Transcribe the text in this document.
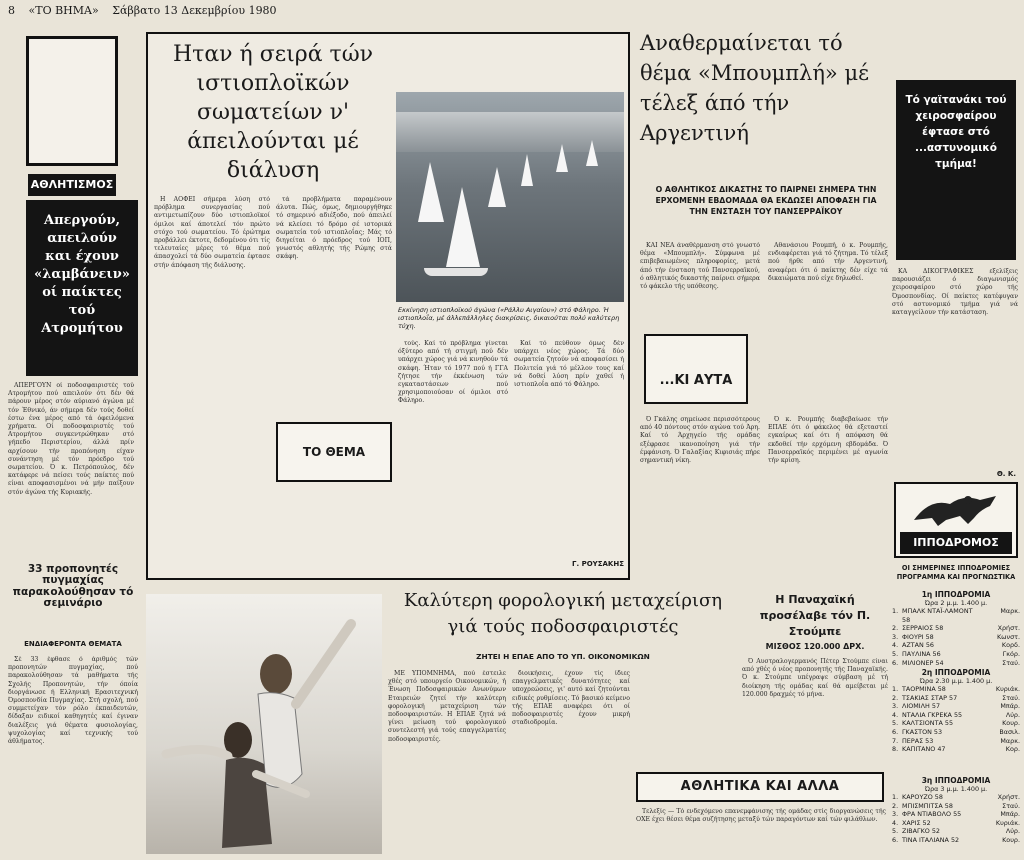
8 «ΤΟ ΒΗΜΑ» Σάββατο 13 Δεκεμβρίου 1980
ΑΘΛΗΤΙΣΜΟΣ
Απεργούν, απειλούν και έχουν «λαμβάνειν» οί παίκτες τού Ατρομήτου

ΑΠΕΡΓΟΥΝ οί ποδοσφαιριστές τού Ατρομήτου πού απειλούν ότι δέν θά πάρουν μέρος στόν αύριανό άγώνα μέ τόν Έθνικό, άν σήμερα δέν τούς δοθεί έστω ένα μέρος από τά όφειλόμενα χρήματα. Οί ποδοσφαιριστές τού Ατρομήτου συγκεντρώθηκαν στό γήπεδο Περιστερίου, άλλά πρίν αρχίσουν τήν προπόνηση είχαν συνάντηση μέ τόν πρόεδρο τού σωματείου. Ό κ. Πετρόπουλος, δέν κατάφερε νά πείσει τούς παίκτες πού είναι αποφασισμένοι νά μήν παίξουν στόν άγώνα τής Κυριακής.

33 προπονητές πυγμαχίας παρακολούθησαν τό σεμινάριο
ΕΝΔΙΑΦΕΡΟΝΤΑ ΘΕΜΑΤΑ

Σέ 33 έφθασε ό άριθμός τών προπονητών πυγμαχίας, πού παρακολούθησαν τά μαθήματα τής Σχολής Προπονητών, τήν όποία διοργάνωσε ή Ελληνική Ερασιτεχνική Όμοσπονδία Πυγμαχίας. Στή σχολή, πού συμμετείχαν τόν ρόλο έκπαιδευτών, δίδαξαν ειδικοί καθηγητές καί έγιναν διαλέξεις γιά θέματα φυσιολογίας, ψυχολογίας καί τεχνικής τού άθλήματος.

Ηταν ή σειρά τών ιστιοπλοϊκών σωματείων ν' άπειλούνται μέ διάλυση

Η ΑΟΦΕΙ σήμερα λύση στό πρόβλημα συνεργασίας πού αντιμετωπίζουν δύο ιστιοπλοϊκοί όμιλοι καί άποτελεί τόν πρώτο στόχο τού σωματείου. Τό έρώτημα προβάλλει έκτοτε, δεδομένου ότι τίς τελευταίες μέρες τό θέμα πού άπασχολεί τά δύο σωματεία έφτασε στήν άπόφαση τής διάλυσης.

τά προβλήματα παραμένουν άλυτα. Πώς, όμως, δημιουργήθηκε τό σημερινό αδιέξοδο, πού άπειλεί νά κλείσει τό δρόμο σέ ιστορικά σωματεία τού ιστιοπλοΐας; Μάς τό διηγείται ό πρόεδρος τού ΙΟΠ, γνωστός αθλητής τής Ρώμης στά σκάφη.

ΤΟ ΘΕΜΑ
Εκκίνηση ιστιοπλοϊκού άγώνα («Ράλλυ Αιγαίου») στό Φάληρο. Ή ιστιοπλοΐα, μέ άλλεπάλληλες διακρίσεις, δικαιούται πολύ καλύτερη τύχη.

τούς. Καί τό πρόβλημα γίνεται όξύτερο από τή στιγμή πού δέν υπάρχει χώρος γιά νά κινηθούν τά σκάφη. Ήταν τό 1977 πού ή ΓΓΑ ζήτησε τήν έκκένωση τών εγκαταστάσεων πού χρησιμοποιούσαν οί όμιλοι στό Φάληρο.

Καί τό πεύθουν όμως δέν υπάρχει νέος χώρος. Τά δύο σωματεία ζητούν νά αποφασίσει ή Πολιτεία γιά τό μέλλον τους καί νά δοθεί λύση πρίν χαθεί ή ιστιοπλοΐα από τό Φάληρο.

Γ. ΡΟΥΣΑΚΗΣ
Αναθερμαίνεται τό θέμα «Μπουμπλή» μέ τέλεξ άπό τήν Αργεντινή
Ο ΑΘΛΗΤΙΚΟΣ ΔΙΚΑΣΤΗΣ ΤΟ ΠΑΙΡΝΕΙ ΣΗΜΕΡΑ ΤΗΝ ΕΡΧΟΜΕΝΗ ΕΒΔΟΜΑΔΑ ΘΑ ΕΚΔΩΣΕΙ ΑΠΟΦΑΣΗ ΓΙΑ ΤΗΝ ΕΝΣΤΑΣΗ ΤΟΥ ΠΑΝΣΕΡΡΑΪΚΟΥ

ΚΑΙ ΝΕΑ άναθέρμανση στό γνωστό θέμα «Μπουμπλή». Σύμφωνα μέ επιβεβαιωμένες πληροφορίες, μετά άπό τήν ένσταση τού Πανσερραϊκού, ό αθλητικός δικαστής παίρνει σήμερα τό φάκελο τής υπόθεσης.

Αθανάσιου Ρουμπή, ό κ. Ρουμπής, ενδιαφέρεται γιά τό ζήτημα. Τό τέλεξ πού ήρθε από τήν Αργεντινή, αναφέρει ότι ό παίκτης δέν είχε τά δικαιώματα πού είχε δηλωθεί.

...ΚΙ ΑΥΤΑ

Ό Γκάλης σημείωσε περισσότερους από 40 πόντους στόν αγώνα τού Άρη. Καί τό Άρχηγείο τής ομάδας εξέφρασε ικανοποίηση γιά τήν έμφάνιση. Ό Γαλαξίας Κιφισιάς πήρε σημαντική νίκη.

Ό κ. Ρουμπής διαβεβαίωσε τήν ΕΠΑΕ ότι ό φάκελος θά εξεταστεί εγκαίρως καί ότι ή απόφαση θά εκδοθεί τήν ερχόμενη εβδομάδα. Ό Πανσερραϊκός περιμένει μέ αγωνία τήν κρίση.

Τό γαϊτανάκι τού χειροσφαίρου έφτασε στό ...αστυνομικό τμήμα!

ΚΑ ΔΙΚΟΓΡΑΦΙΚΕΣ εξελίξεις παρουσιάζει ό διαγωνισμός χειροσφαίρου στό χώρο τής Όμοσπονδίας. Οί παίκτες κατέφυγαν στό αστυνομικό τμήμα γιά νά καταγγείλουν τήν κατάσταση.

Θ. Κ.
ΙΠΠΟΔΡΟΜΟΣ
ΟΙ ΣΗΜΕΡΙΝΕΣ ΙΠΠΟΔΡΟΜΙΕΣ ΠΡΟΓΡΑΜΜΑ ΚΑΙ ΠΡΟΓΝΩΣΤΙΚΑ
1η ΙΠΠΟΔΡΟΜΙΑ
Ώρα 2 μ.μ. 1.400 μ.
1. ΜΠΑΛΚ ΝΤΑΪ-ΛΑΜΟΝΤ 58
Μαρκ.
2. ΣΕΡΡΑΙΟΣ 58	Χρήστ.
3. ΦΙΟΥΡΙ 58	Κωνστ.
4. ΑΖΤΑΝ 56	Κορδ.
5. ΠΑΥΛΙΝΑ 56	Γκόρ.
6. ΜΙΛΙΟΝΕΡ 54	Σταύ.
2η ΙΠΠΟΔΡΟΜΙΑ
Ώρα 2.30 μ.μ. 1.400 μ.
1. ΤΑΟΡΜΙΝΑ 58	Κυριάκ.
2. ΤΣΑΚΙΑΣ ΣΤΑΡ 57	Σταύ.
3. ΛΙΟΜΙΛΗ 57	Μπάρ.
4. ΝΤΑΛΙΑ ΓΚΡΕΚΑ 55	Λύρ.
5. ΚΑΛΤΣΙΟΝΤΑ 55	Κουρ.
6. ΓΚΑΣΤΟΝ 53	Βασιλ.
7. ΠΕΡΑΣ 53	Μαρκ.
8. ΚΑΠΙΤΑΝΟ 47	Κορ.
3η ΙΠΠΟΔΡΟΜΙΑ
Ώρα 3 μ.μ. 1.400 μ.
1. ΚΑΡΟΥΖΟ 58	Χρήστ.
2. ΜΠΙΣΜΠΙΤΣΑ 58	Σταύ.
3. ΦΡΑ ΝΤΙΑΒΟΛΟ 55	Μπάρ.
4. ΧΑΡΙΣ 52	Κυριάκ.
5. ΖΙΒΑΓΚΟ 52	Λύρ.
6. ΤΙΝΑ ΙΤΑΛΙΑΝΑ 52	Κουρ.
Καλύτερη φορολογική μεταχείριση γιά τούς ποδοσφαιριστές
ΖΗΤΕΙ Η ΕΠΑΕ ΑΠΟ ΤΟ ΥΠ. ΟΙΚΟΝΟΜΙΚΩΝ

ΜΕ ΥΠΟΜΝΗΜΑ, πού έστειλε χθές στό υπουργείο Οικονομικών, ή Ένωση Ποδοσφαιρικών Ανωνύμων Εταιρειών ζητεί τήν καλύτερη φορολογική μεταχείριση τών ποδοσφαιριστών. Η ΕΠΑΕ ζητά νά γίνει μείωση τού φορολογικού συντελεστή γιά τούς επαγγελματίες ποδοσφαιριστές.

διοικήσεις, έχουν τίς ίδιες επαγγελματικές δυνατότητες καί υποχρεώσεις, γι' αυτό καί ζητούνται ειδικές ρυθμίσεις. Τό βασικό κείμενο τής ΕΠΑΕ αναφέρει ότι οί ποδοσφαιριστές έχουν μικρή σταδιοδρομία.

Η Παναχαϊκή προσέλαβε τόν Π. Στούμπε
ΜΙΣΘΟΣ 120.000 ΔΡΧ.

Ό Αυστραλογερμανός Πέτερ Στούμπε είναι από χθές ό νέος προπονητής τής Παναχαϊκής. Ό κ. Στούμπε υπέγραψε σύμβαση μέ τή διοίκηση τής ομάδας καί θά αμείβεται μέ 120.000 δραχμές τό μήνα.

ΑΘΛΗΤΙΚΑ ΚΑΙ ΑΛΛΑ

Τελεξίς — Τό ενδεχόμενο επανεμφάνισης τής ομάδας στίς διοργανώσεις τής ΟΧΕ έχει θέσει θέμα συζήτησης μεταξύ τών παραγόντων καί τών φιλάθλων.
